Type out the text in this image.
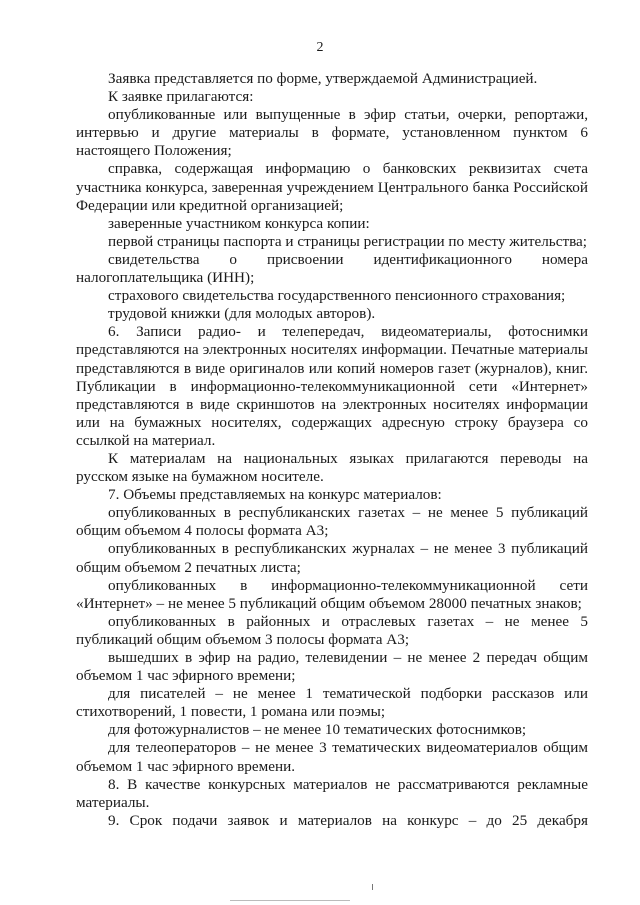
2

Заявка представляется по форме, утверждаемой Администрацией.

К заявке прилагаются:

опубликованные или выпущенные в эфир статьи, очерки, репортажи, интервью и другие материалы в формате, установленном пунктом 6 настоящего Положения;

справка, содержащая информацию о банковских реквизитах счета участника конкурса, заверенная учреждением Центрального банка Российской Федерации или кредитной организацией;

заверенные участником конкурса копии:

первой страницы паспорта и страницы регистрации по месту жительства;

свидетельства о присвоении идентификационного номера налогоплательщика (ИНН);

страхового свидетельства государственного пенсионного страхования;

трудовой книжки (для молодых авторов).

6. Записи радио- и телепередач, видеоматериалы, фотоснимки представляются на электронных носителях информации. Печатные материалы представляются в виде оригиналов или копий номеров газет (журналов), книг. Публикации в информационно-телекоммуникационной сети «Интернет» представляются в виде скриншотов на электронных носителях информации или на бумажных носителях, содержащих адресную строку браузера со ссылкой на материал.

К материалам на национальных языках прилагаются переводы на русском языке на бумажном носителе.

7. Объемы представляемых на конкурс материалов:

опубликованных в республиканских газетах – не менее 5 публикаций общим объемом 4 полосы формата А3;

опубликованных в республиканских журналах – не менее 3 публикаций общим объемом 2 печатных листа;

опубликованных в информационно-телекоммуникационной сети «Интернет» – не менее 5 публикаций общим объемом 28000 печатных знаков;

опубликованных в районных и отраслевых газетах – не менее 5 публикаций общим объемом 3 полосы формата А3;

вышедших в эфир на радио, телевидении – не менее 2 передач общим объемом 1 час эфирного времени;

для писателей – не менее 1 тематической подборки рассказов или стихотворений, 1 повести, 1 романа или поэмы;

для фотожурналистов – не менее 10 тематических фотоснимков;

для телеоператоров – не менее 3 тематических видеоматериалов общим объемом 1 час эфирного времени.

8. В качестве конкурсных материалов не рассматриваются рекламные материалы.

9. Срок подачи заявок и материалов на конкурс – до 25 декабря
